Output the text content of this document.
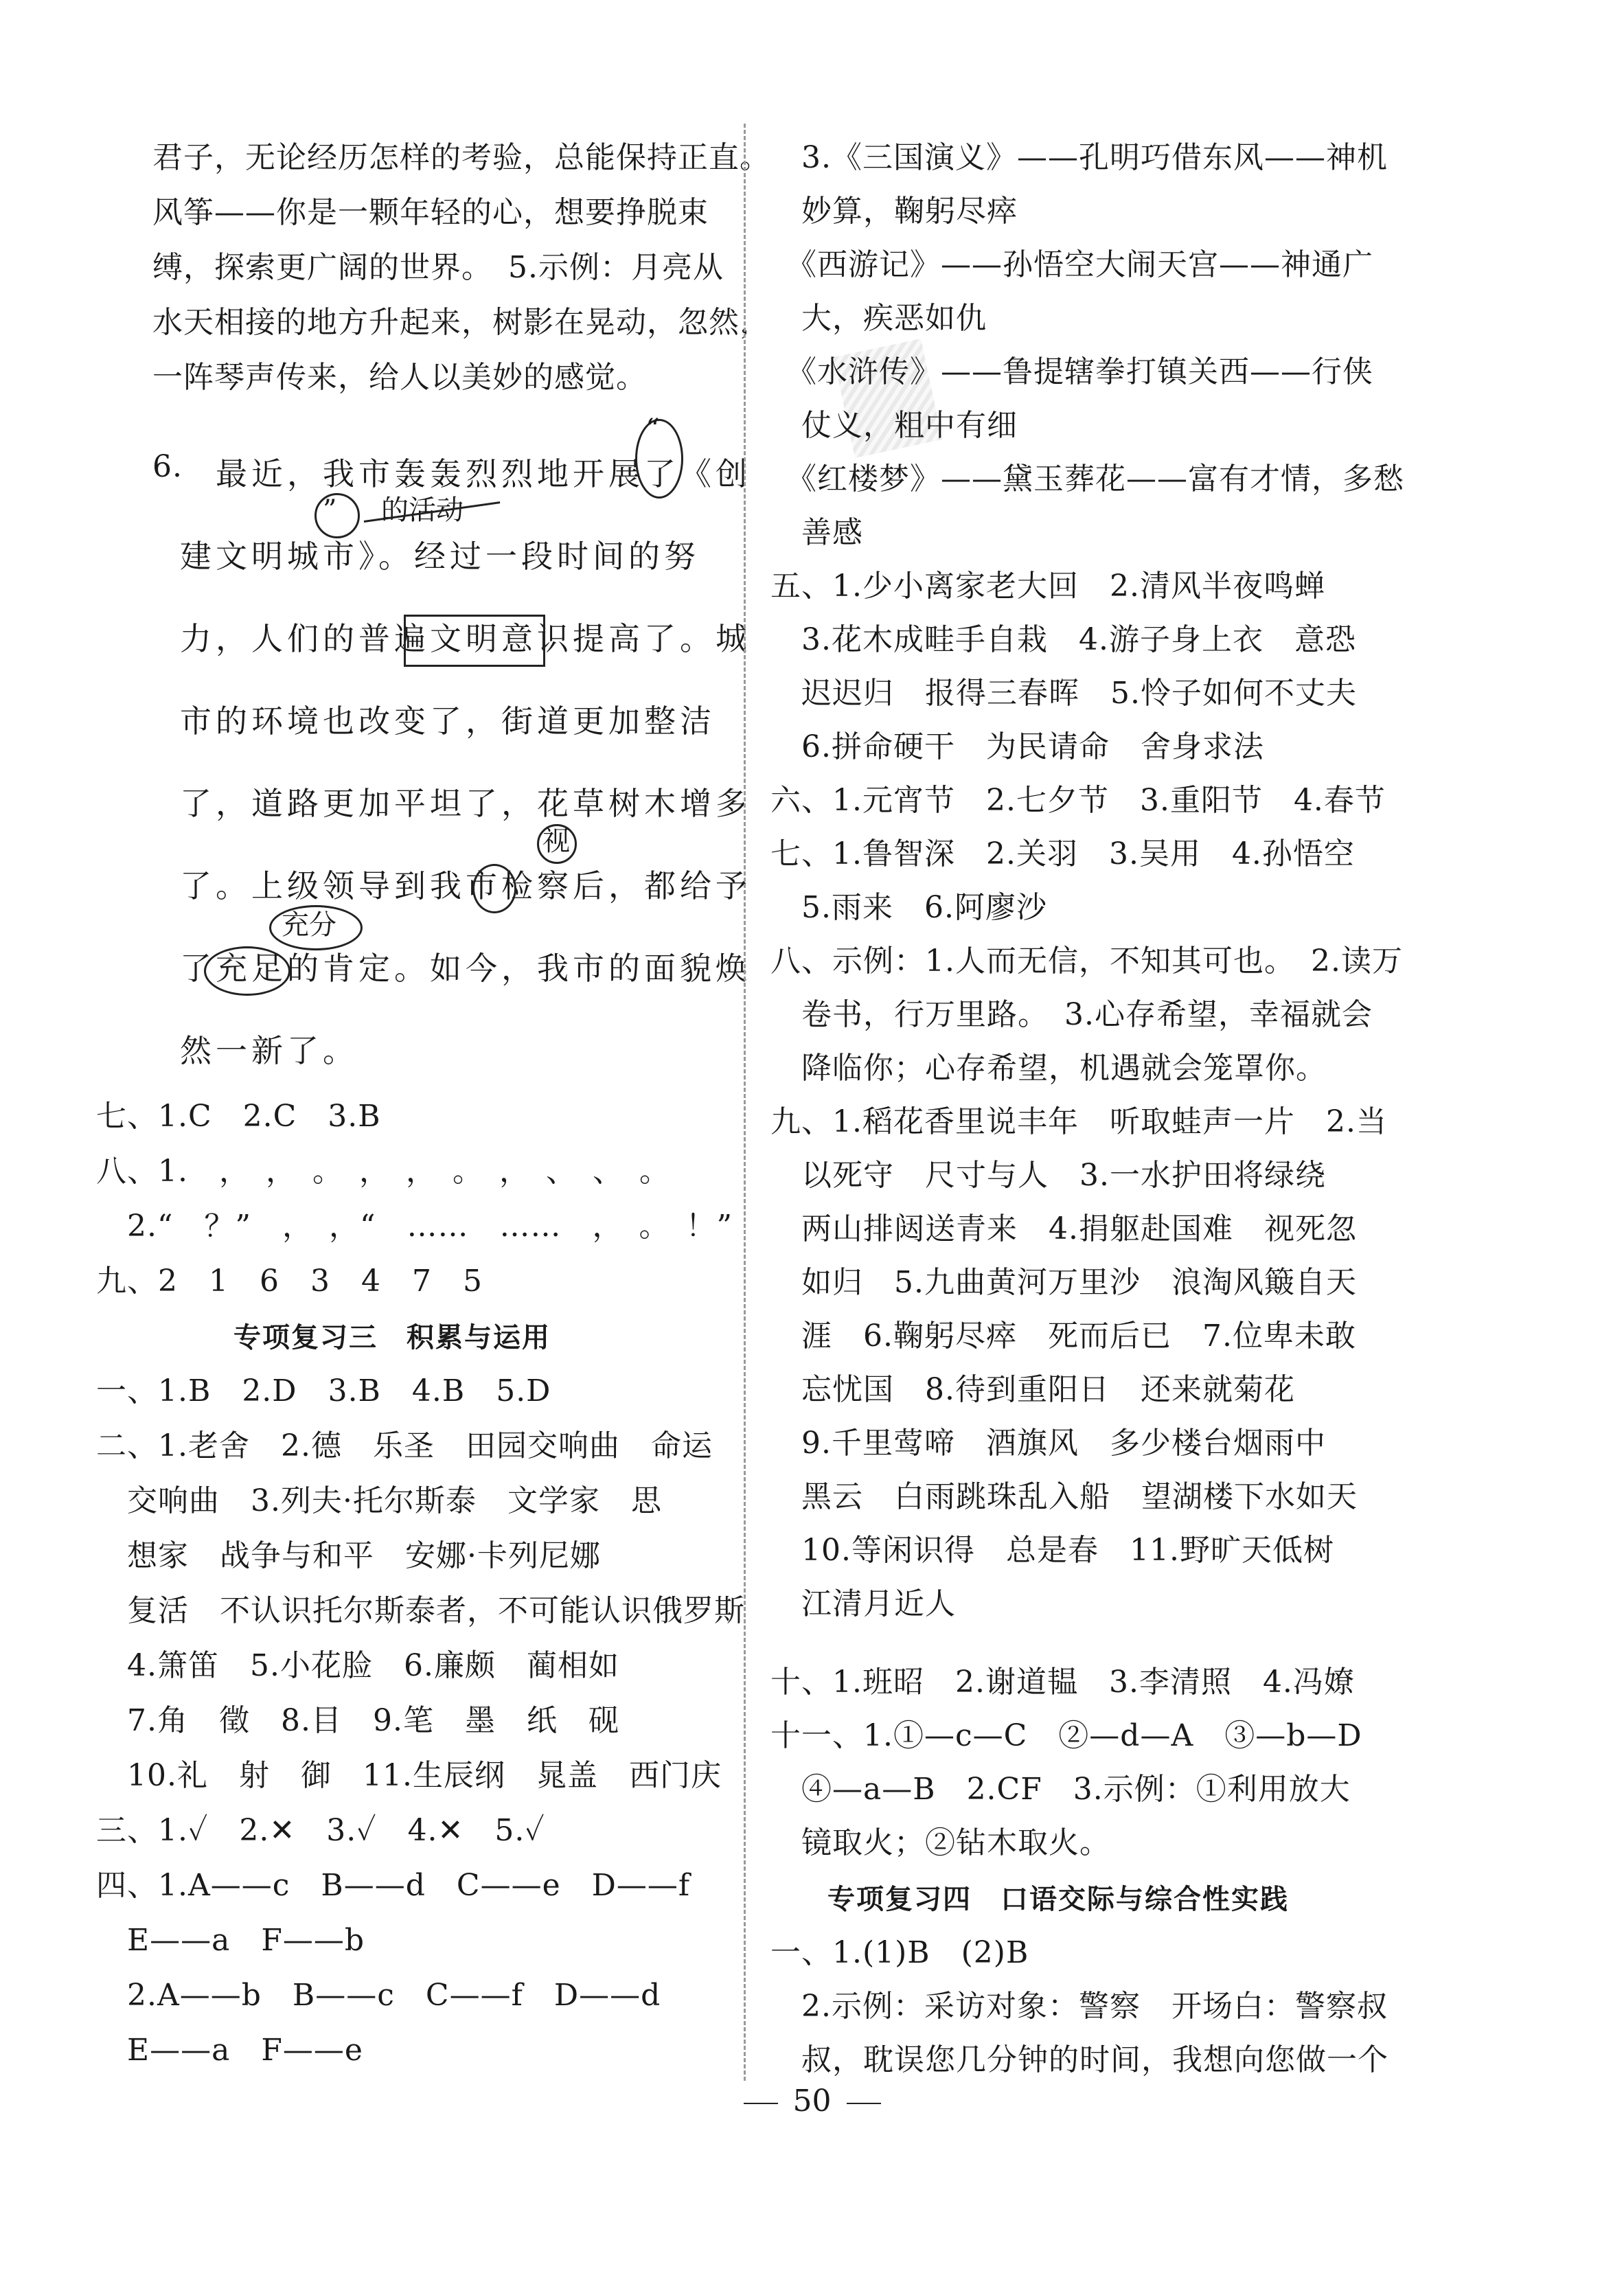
君子，无论经历怎样的考验，总能保持正直。
风筝——你是一颗年轻的心，想要挣脱束
缚，探索更广阔的世界。　5.示例：月亮从
水天相接的地方升起来，树影在晃动，忽然，
一阵琴声传来，给人以美妙的感觉。
6.
　最近，我市轰轰烈烈地开展了《创
建文明城市》。经过一段时间的努
力，人们的普遍文明意识提高了。城
市的环境也改变了，街道更加整洁
了，道路更加平坦了，花草树木增多
了。上级领导到我市检察后，都给予
了充足的肯定。如今，我市的面貌焕
然一新了。
“
” 的活动
视
充分
七、1.C　2.C　3.B
八、1.　，　，　。　，　，　。　，　、　、　。
　2.“　？”　，　，“　……　……　，　。　！”
九、2　1　6　3　4　7　5
专项复习三　积累与运用
一、1.B　2.D　3.B　4.B　5.D
二、1.老舍　2.德　乐圣　田园交响曲　命运
　交响曲　3.列夫·托尔斯泰　文学家　思
　想家　战争与和平　安娜·卡列尼娜
　复活　不认识托尔斯泰者，不可能认识俄罗斯
　4.箫笛　5.小花脸　6.廉颇　蔺相如
　7.角　徵　8.目　9.笔　墨　纸　砚
　10.礼　射　御　11.生辰纲　晁盖　西门庆
三、1.✓　2.✕　3.✓　4.✕　5.✓
四、1.A——c　B——d　C——e　D——f
　E——a　F——b
　2.A——b　B——c　C——f　D——d
　E——a　F——e
　3.《三国演义》——孔明巧借东风——神机
　妙算，鞠躬尽瘁
　《西游记》——孙悟空大闹天宫——神通广
　大，疾恶如仇
　《水浒传》——鲁提辖拳打镇关西——行侠
　仗义，粗中有细
　《红楼梦》——黛玉葬花——富有才情，多愁
　善感
五、1.少小离家老大回　2.清风半夜鸣蝉
　3.花木成畦手自栽　4.游子身上衣　意恐
　迟迟归　报得三春晖　5.怜子如何不丈夫
　6.拼命硬干　为民请命　舍身求法
六、1.元宵节　2.七夕节　3.重阳节　4.春节
七、1.鲁智深　2.关羽　3.吴用　4.孙悟空
　5.雨来　6.阿廖沙
八、示例：1.人而无信，不知其可也。　2.读万
　卷书，行万里路。　3.心存希望，幸福就会
　降临你；心存希望，机遇就会笼罩你。
九、1.稻花香里说丰年　听取蛙声一片　2.当
　以死守　尺寸与人　3.一水护田将绿绕
　两山排闼送青来　4.捐躯赴国难　视死忽
　如归　5.九曲黄河万里沙　浪淘风簸自天
　涯　6.鞠躬尽瘁　死而后已　7.位卑未敢
　忘忧国　8.待到重阳日　还来就菊花
　9.千里莺啼　酒旗风　多少楼台烟雨中
　黑云　白雨跳珠乱入船　望湖楼下水如天
　10.等闲识得　总是春　11.野旷天低树
　江清月近人
十、1.班昭　2.谢道韫　3.李清照　4.冯嫽
十一、1.①—c—C　②—d—A　③—b—D
　④—a—B　2.CF　3.示例：①利用放大
　镜取火；②钻木取火。
专项复习四　口语交际与综合性实践
一、1.(1)B　(2)B
　2.示例：采访对象：警察　开场白：警察叔
　叔，耽误您几分钟的时间，我想向您做一个
50
